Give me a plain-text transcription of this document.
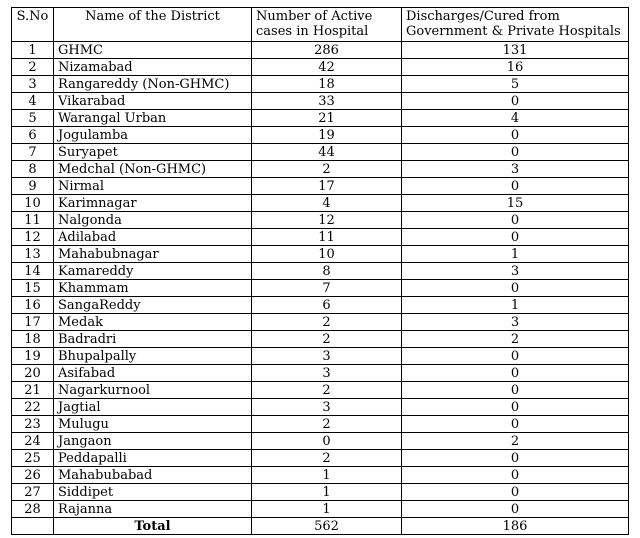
S.No	Name of the District	Number of Active cases in Hospital	Discharges/Cured from Government & Private Hospitals
1	GHMC	286	131
2	Nizamabad	42	16
3	Rangareddy (Non-GHMC)	18	5
4	Vikarabad	33	0
5	Warangal Urban	21	4
6	Jogulamba	19	0
7	Suryapet	44	0
8	Medchal (Non-GHMC)	2	3
9	Nirmal	17	0
10	Karimnagar	4	15
11	Nalgonda	12	0
12	Adilabad	11	0
13	Mahabubnagar	10	1
14	Kamareddy	8	3
15	Khammam	7	0
16	SangaReddy	6	1
17	Medak	2	3
18	Badradri	2	2
19	Bhupalpally	3	0
20	Asifabad	3	0
21	Nagarkurnool	2	0
22	Jagtial	3	0
23	Mulugu	2	0
24	Jangaon	0	2
25	Peddapalli	2	0
26	Mahabubabad	1	0
27	Siddipet	1	0
28	Rajanna	1	0
	Total	562	186
